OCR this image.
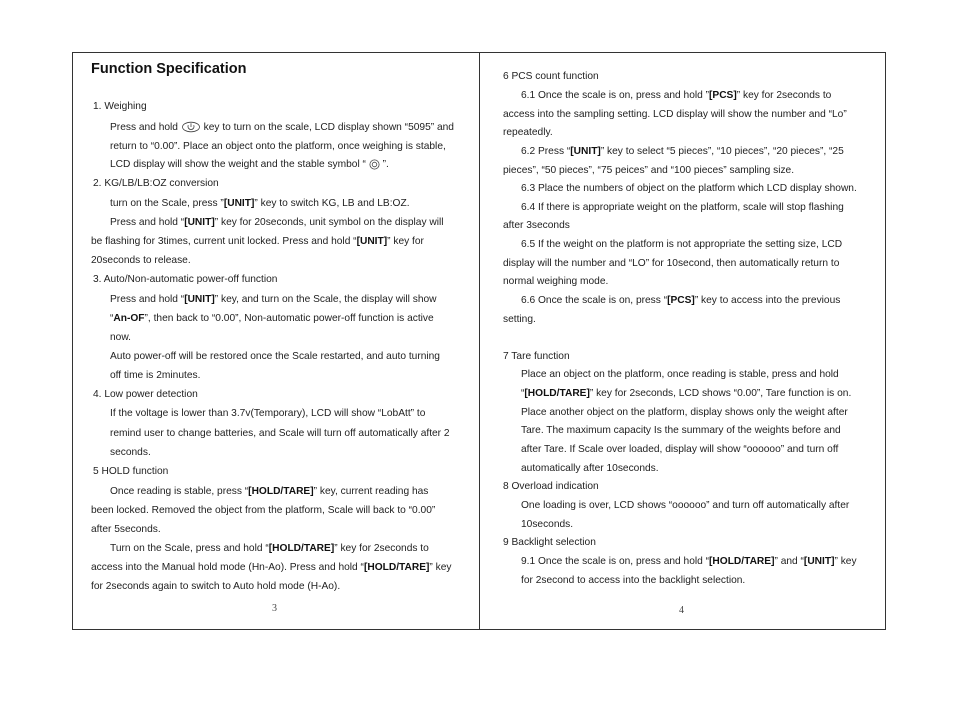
Function Specification
1. Weighing
Press and hold	key to turn on the scale, LCD display shown “5095” and
return to “0.00”. Place an object onto the platform, once weighing is stable,
LCD display will show the weight and the stable symbol “ ”.
2. KG/LB/LB:OZ conversion
turn on the Scale, press ”[UNIT]” key to switch KG, LB and LB:OZ.
Press and hold “[UNIT]” key for 20seconds, unit symbol on the display will
be flashing for 3times, current unit locked. Press and hold “[UNIT]” key for
20seconds to release.
3. Auto/Non-automatic power-off function
Press and hold “[UNIT]” key, and turn on the Scale, the display will show
“An-OF”, then back to “0.00”, Non-automatic power-off function is active
now.
Auto power-off will be restored once the Scale restarted, and auto turning
off time is 2minutes.
4. Low power detection
If the voltage is lower than 3.7v(Temporary), LCD will show “LobAtt” to
remind user to change batteries, and Scale will turn off automatically after 2
seconds.
5 HOLD function
Once reading is stable, press “[HOLD/TARE]” key, current reading has
been locked. Removed the object from the platform, Scale will back to “0.00”
after 5seconds.
Turn on the Scale, press and hold “[HOLD/TARE]” key for 2seconds to
access into the Manual hold mode (Hn-Ao). Press and hold “[HOLD/TARE]” key
for 2seconds again to switch to Auto hold mode (H-Ao).
3
6 PCS count function
6.1 Once the scale is on, press and hold ”[PCS]” key for 2seconds to
access into the sampling setting. LCD display will show the number and “Lo”
repeatedly.
6.2 Press “[UNIT]” key to select “5 pieces”, “10 pieces”, “20 pieces”, “25
pieces”, “50 pieces”, “75 peices” and “100 pieces” sampling size.
6.3 Place the numbers of object on the platform which LCD display shown.
6.4 If there is appropriate weight on the platform, scale will stop flashing
after 3seconds
6.5 If the weight on the platform is not appropriate the setting size, LCD
display will the number and “LO” for 10second, then automatically return to
normal weighing mode.
6.6 Once the scale is on, press “[PCS]” key to access into the previous
setting.
7 Tare function
Place an object on the platform, once reading is stable, press and hold
“[HOLD/TARE]” key for 2seconds, LCD shows “0.00”, Tare function is on.
Place another object on the platform, display shows only the weight after
Tare. The maximum capacity Is the summary of the weights before and
after Tare. If Scale over loaded, display will show “oooooo” and turn off
automatically after 10seconds.
8 Overload indication
One loading is over, LCD shows “oooooo” and turn off automatically after
10seconds.
9 Backlight selection
9.1 Once the scale is on, press and hold “[HOLD/TARE]” and “[UNIT]” key
for 2second to access into the backlight selection.
4
